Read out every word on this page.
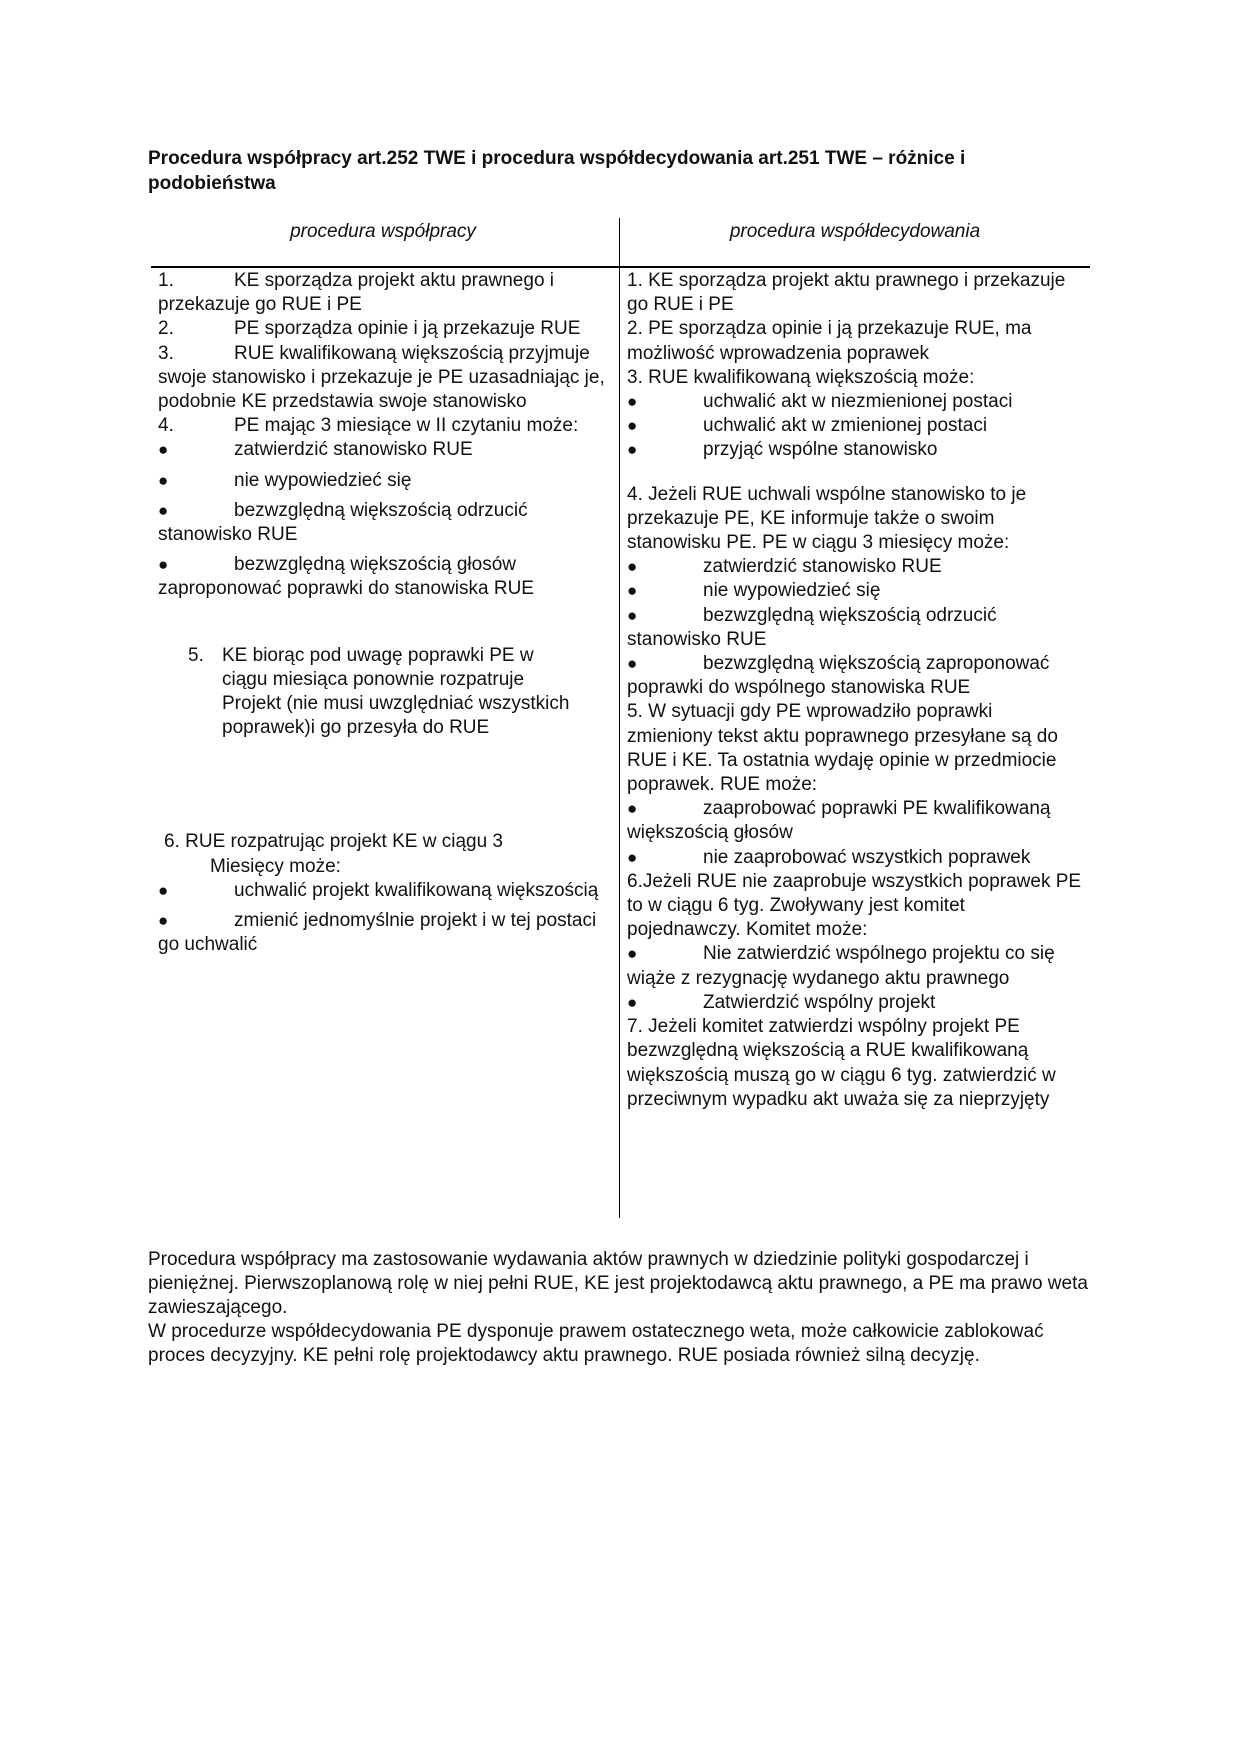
Procedura współpracy art.252 TWE i procedura współdecydowania art.251 TWE – różnice i podobieństwa
procedura współpracy	procedura współdecydowania

1.	KE sporządza projekt aktu prawnego i przekazuje go RUE i PE

2.	PE sporządza opinie i ją przekazuje RUE

3.	RUE kwalifikowaną większością przyjmuje swoje stanowisko i przekazuje je PE uzasadniając je, podobnie KE przedstawia swoje stanowisko

4.	PE mając 3 miesiące w II czytaniu może:

●zatwierdzić stanowisko RUE

●nie wypowiedzieć się

●bezwzględną większością odrzucić stanowisko RUE

●bezwzględną większością głosów zaproponować poprawki do stanowiska RUE

5. KE biorąc pod uwagę poprawki PE w ciągu miesiąca ponownie rozpatruje Projekt (nie musi uwzględniać wszystkich poprawek)i go przesyła do RUE

6. RUE rozpatrując projekt KE w ciągu 3
Miesięcy może:

●uchwalić projekt kwalifikowaną większością

●zmienić jednomyślnie projekt i w tej postaci go uchwalić

1. KE sporządza projekt aktu prawnego i przekazuje go RUE i PE

2. PE sporządza opinie i ją przekazuje RUE, ma możliwość wprowadzenia poprawek

3. RUE kwalifikowaną większością może:

●uchwalić akt w niezmienionej postaci

●uchwalić akt w zmienionej postaci

●przyjąć wspólne stanowisko

4. Jeżeli RUE uchwali wspólne stanowisko to je przekazuje PE, KE informuje także o swoim stanowisku PE. PE w ciągu 3 miesięcy może:

●zatwierdzić stanowisko RUE

●nie wypowiedzieć się

●bezwzględną większością odrzucić stanowisko RUE

●bezwzględną większością zaproponować poprawki do wspólnego stanowiska RUE

5. W sytuacji gdy PE wprowadziło poprawki zmieniony tekst aktu poprawnego przesyłane są do RUE i KE. Ta ostatnia wydaję opinie w przedmiocie poprawek. RUE może:

●zaaprobować poprawki PE kwalifikowaną większością głosów

●nie zaaprobować wszystkich poprawek

6.Jeżeli RUE nie zaaprobuje wszystkich poprawek PE to w ciągu 6 tyg. Zwoływany jest komitet pojednawczy. Komitet może:

●Nie zatwierdzić wspólnego projektu co się wiąże z rezygnację wydanego aktu prawnego

●Zatwierdzić wspólny projekt

7. Jeżeli komitet zatwierdzi wspólny projekt PE bezwzględną większością a RUE kwalifikowaną większością muszą go w ciągu 6 tyg. zatwierdzić w przeciwnym wypadku akt uważa się za nieprzyjęty

Procedura współpracy ma zastosowanie wydawania aktów prawnych w dziedzinie polityki gospodarczej i pieniężnej. Pierwszoplanową rolę w niej pełni RUE, KE jest projektodawcą aktu prawnego, a PE ma prawo weta zawieszającego.

W procedurze współdecydowania PE dysponuje prawem ostatecznego weta, może całkowicie zablokować proces decyzyjny. KE pełni rolę projektodawcy aktu prawnego. RUE posiada również silną decyzję.
